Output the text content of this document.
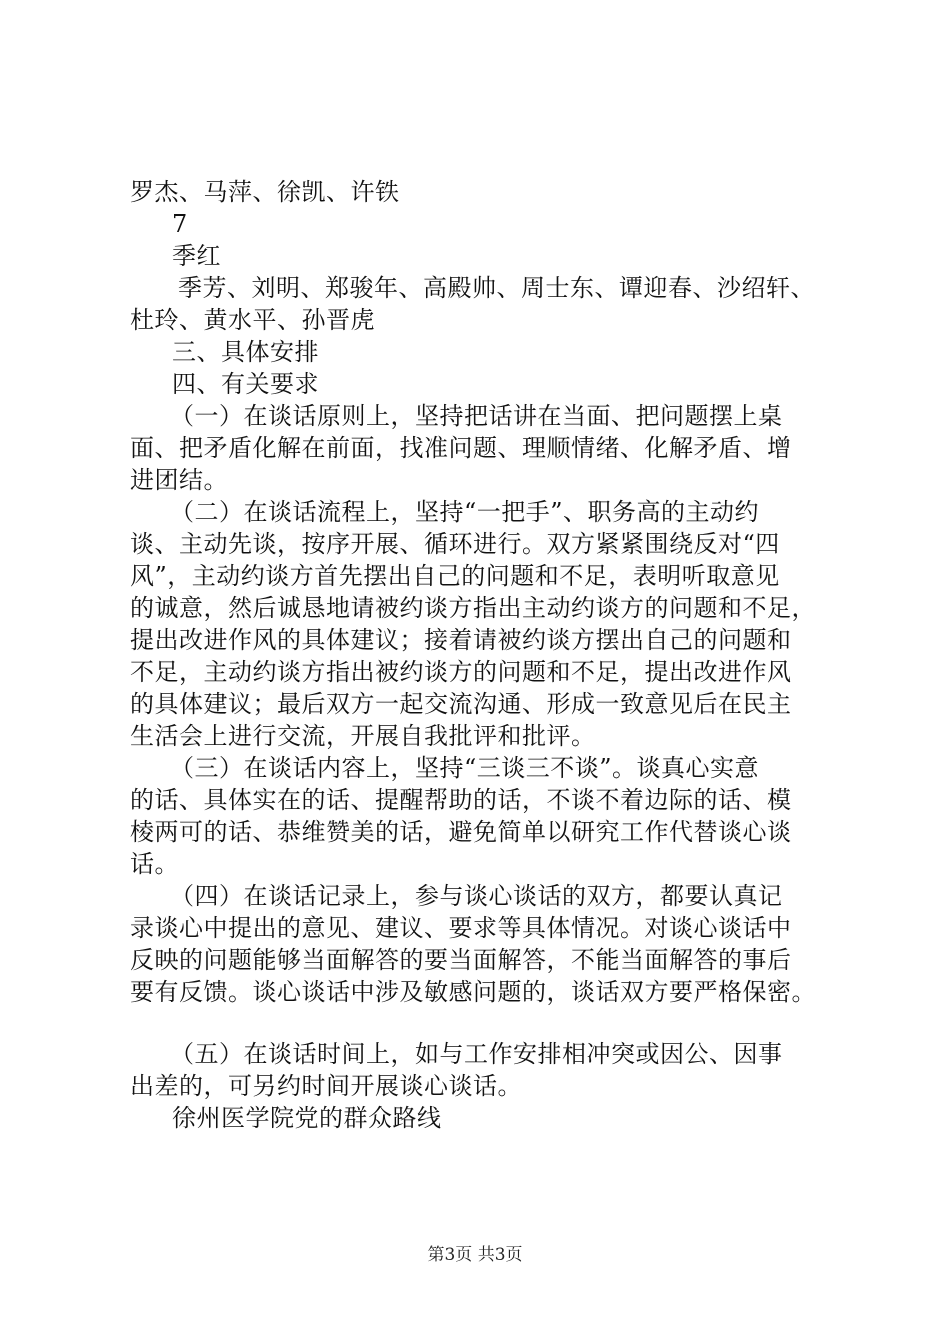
罗杰、马萍、徐凯、许铁
7
季红
季芳、刘明、郑骏年、高殿帅、周士东、谭迎春、沙绍轩、
杜玲、黄水平、孙晋虎
三、具体安排
四、有关要求
（一）在谈话原则上，坚持把话讲在当面、把问题摆上桌
面、把矛盾化解在前面，找准问题、理顺情绪、化解矛盾、增
进团结。
（二）在谈话流程上，坚持“一把手”、职务高的主动约
谈、主动先谈，按序开展、循环进行。双方紧紧围绕反对“四
风”，主动约谈方首先摆出自己的问题和不足，表明听取意见
的诚意，然后诚恳地请被约谈方指出主动约谈方的问题和不足，
提出改进作风的具体建议；接着请被约谈方摆出自己的问题和
不足，主动约谈方指出被约谈方的问题和不足，提出改进作风
的具体建议；最后双方一起交流沟通、形成一致意见后在民主
生活会上进行交流，开展自我批评和批评。
（三）在谈话内容上，坚持“三谈三不谈”。谈真心实意
的话、具体实在的话、提醒帮助的话，不谈不着边际的话、模
棱两可的话、恭维赞美的话，避免简单以研究工作代替谈心谈
话。
（四）在谈话记录上，参与谈心谈话的双方，都要认真记
录谈心中提出的意见、建议、要求等具体情况。对谈心谈话中
反映的问题能够当面解答的要当面解答，不能当面解答的事后
要有反馈。谈心谈话中涉及敏感问题的，谈话双方要严格保密。
（五）在谈话时间上，如与工作安排相冲突或因公、因事
出差的，可另约时间开展谈心谈话。
徐州医学院党的群众路线
第3页 共3页
